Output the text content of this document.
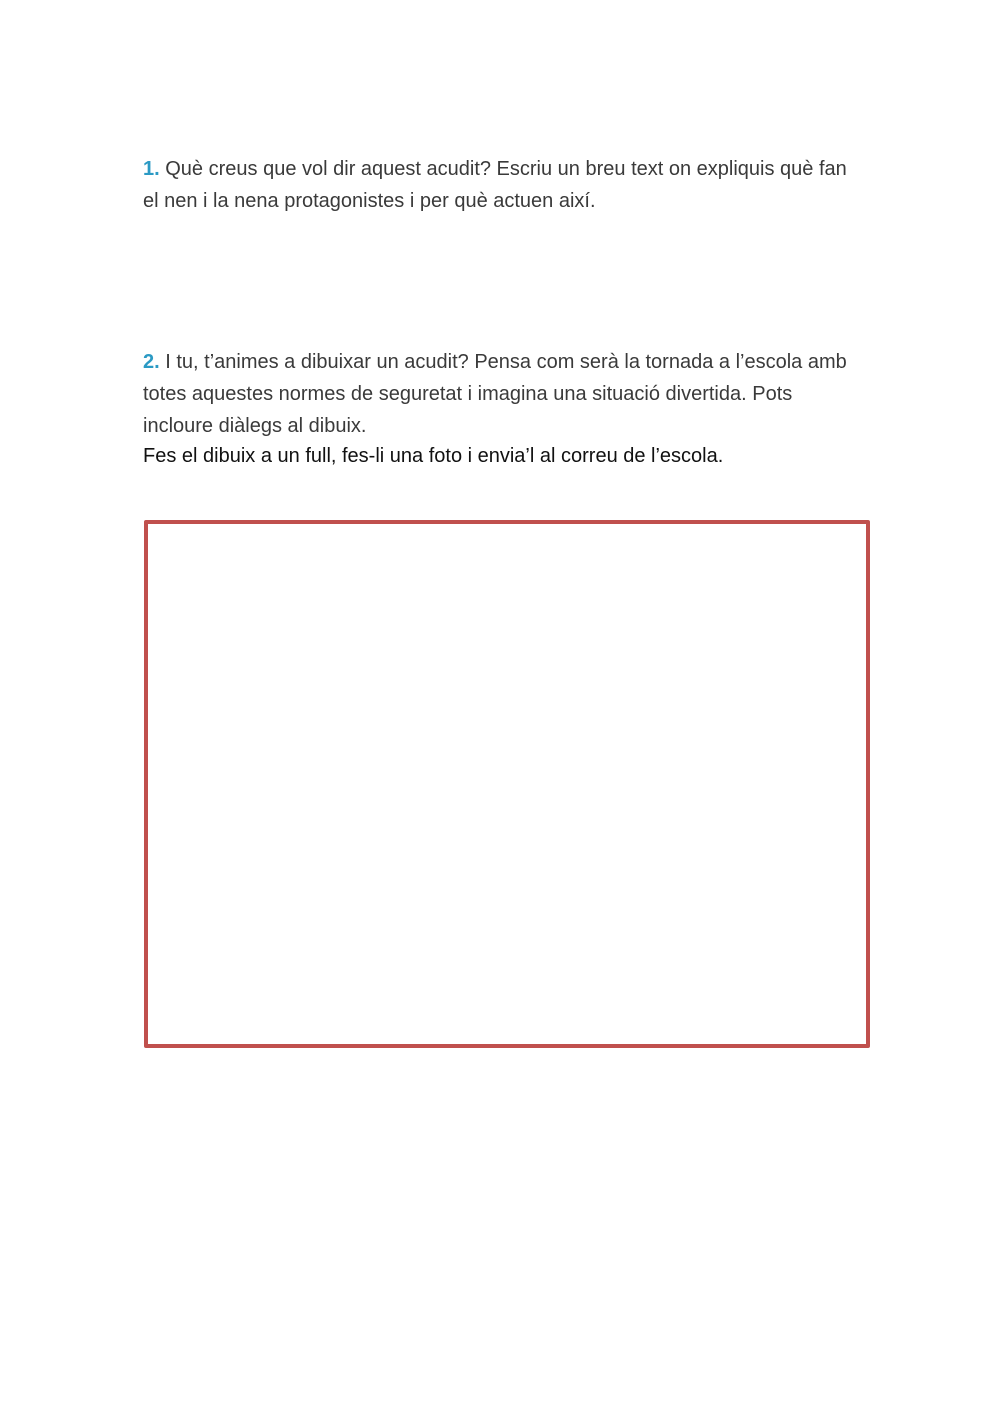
1. Què creus que vol dir aquest acudit? Escriu un breu text on expliquis què fan el nen i la nena protagonistes i per què actuen així.
2. I tu, t’animes a dibuixar un acudit? Pensa com serà la tornada a l’escola amb totes aquestes normes de seguretat i imagina una situació divertida. Pots incloure diàlegs al dibuix.
Fes el dibuix a un full, fes-li una foto i envia’l al correu de l’escola.
